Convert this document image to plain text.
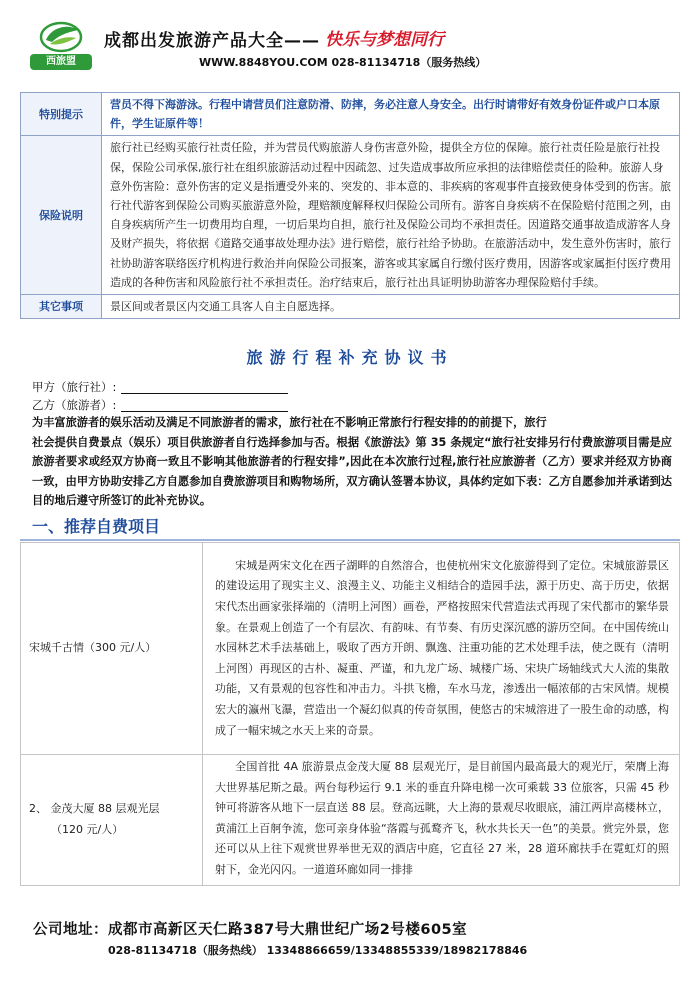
西旅盟
成都出发旅游产品大全—— 快乐与梦想同行
WWW.8848YOU.COM 028-81134718（服务热线）
特别提示	营员不得下海游泳。行程中请营员们注意防滑、防摔，务必注意人身安全。出行时请带好有效身份证件或户口本原件，学生证原件等！
保险说明	旅行社已经购买旅行社责任险，并为营员代购旅游人身伤害意外险，提供全方位的保障。旅行社责任险是旅行社投保，保险公司承保,旅行社在组织旅游活动过程中因疏忽、过失造成事故所应承担的法律赔偿责任的险种。旅游人身意外伤害险：意外伤害的定义是指遭受外来的、突发的、非本意的、非疾病的客观事件直接致使身体受到的伤害。旅行社代游客到保险公司购买旅游意外险，理赔额度解释权归保险公司所有。游客自身疾病不在保险赔付范围之列，由自身疾病所产生一切费用均自理，一切后果均自担，旅行社及保险公司均不承担责任。因道路交通事故造成游客人身及财产损失，将依据《道路交通事故处理办法》进行赔偿，旅行社给予协助。在旅游活动中，发生意外伤害时，旅行社协助游客联络医疗机构进行救治并向保险公司报案，游客或其家属自行缴付医疗费用，因游客或家属拒付医疗费用造成的各种伤害和风险旅行社不承担责任。治疗结束后，旅行社出具证明协助游客办理保险赔付手续。
其它事项	景区间或者景区内交通工具客人自主自愿选择。
旅游行程补充协议书
甲方（旅行社）:
乙方（旅游者）:
为丰富旅游者的娱乐活动及满足不同旅游者的需求，旅行社在不影响正常旅行行程安排的的前提下，旅行
社会提供自费景点（娱乐）项目供旅游者自行选择参加与否。根据《旅游法》第 35 条规定“旅行社安排另行付费旅游项目需是应旅游者要求或经双方协商一致且不影响其他旅游者的行程安排”,因此在本次旅行过程,旅行社应旅游者（乙方）要求并经双方协商一致，由甲方协助安排乙方自愿参加自费旅游项目和购物场所，双方确认签署本协议，具体约定如下表：乙方自愿参加并承诺到达目的地后遵守所签订的此补充协议。
一、推荐自费项目
宋城千古情（300 元/人）	宋城是两宋文化在西子湖畔的自然溶合，也使杭州宋文化旅游得到了定位。宋城旅游景区的建设运用了现实主义、浪漫主义、功能主义相结合的造园手法，源于历史、高于历史，依据宋代杰出画家张择端的（清明上河图）画卷，严格按照宋代营造法式再现了宋代都市的繁华景象。在景观上创造了一个有层次、有韵味、有节奏、有历史深沉感的游历空间。在中国传统山水园林艺术手法基础上，吸取了西方开朗、飘逸、注重功能的艺术处理手法，使之既有（清明上河图）再现区的古朴、凝重、严谨，和九龙广场、城楼广场、宋块广场轴线式大人流的集散功能，又有景观的包容性和冲击力。斗拱飞檐，车水马龙，渗透出一幅浓郁的古宋风情。规模宏大的瀛州飞瀑，营造出一个凝幻似真的传奇氛围，使悠古的宋城溶进了一股生命的动感，构成了一幅宋城之水天上来的奇景。

2、 金茂大厦 88 层观光层
（120 元/人）	全国首批 4A 旅游景点金茂大厦 88 层观光厅，是目前国内最高最大的观光厅，荣膺上海大世界基尼斯之最。两台每秒运行 9.1 米的垂直升降电梯一次可乘载 33 位旅客，只需 45 秒钟可将游客从地下一层直送 88 层。登高远眺，大上海的景观尽收眼底，浦江两岸高楼林立，黄浦江上百舸争流，您可亲身体验“落霞与孤鹜齐飞，秋水共长天一色”的美景。赏完外景，您还可以从上往下观赏世界举世无双的酒店中庭，它直径 27 米，28 道环廊扶手在霓虹灯的照射下，金光闪闪。一道道环廊如同一排排
公司地址：成都市高新区天仁路387号大鼎世纪广场2号楼605室
028-81134718（服务热线） 13348866659/13348855339/18982178846
